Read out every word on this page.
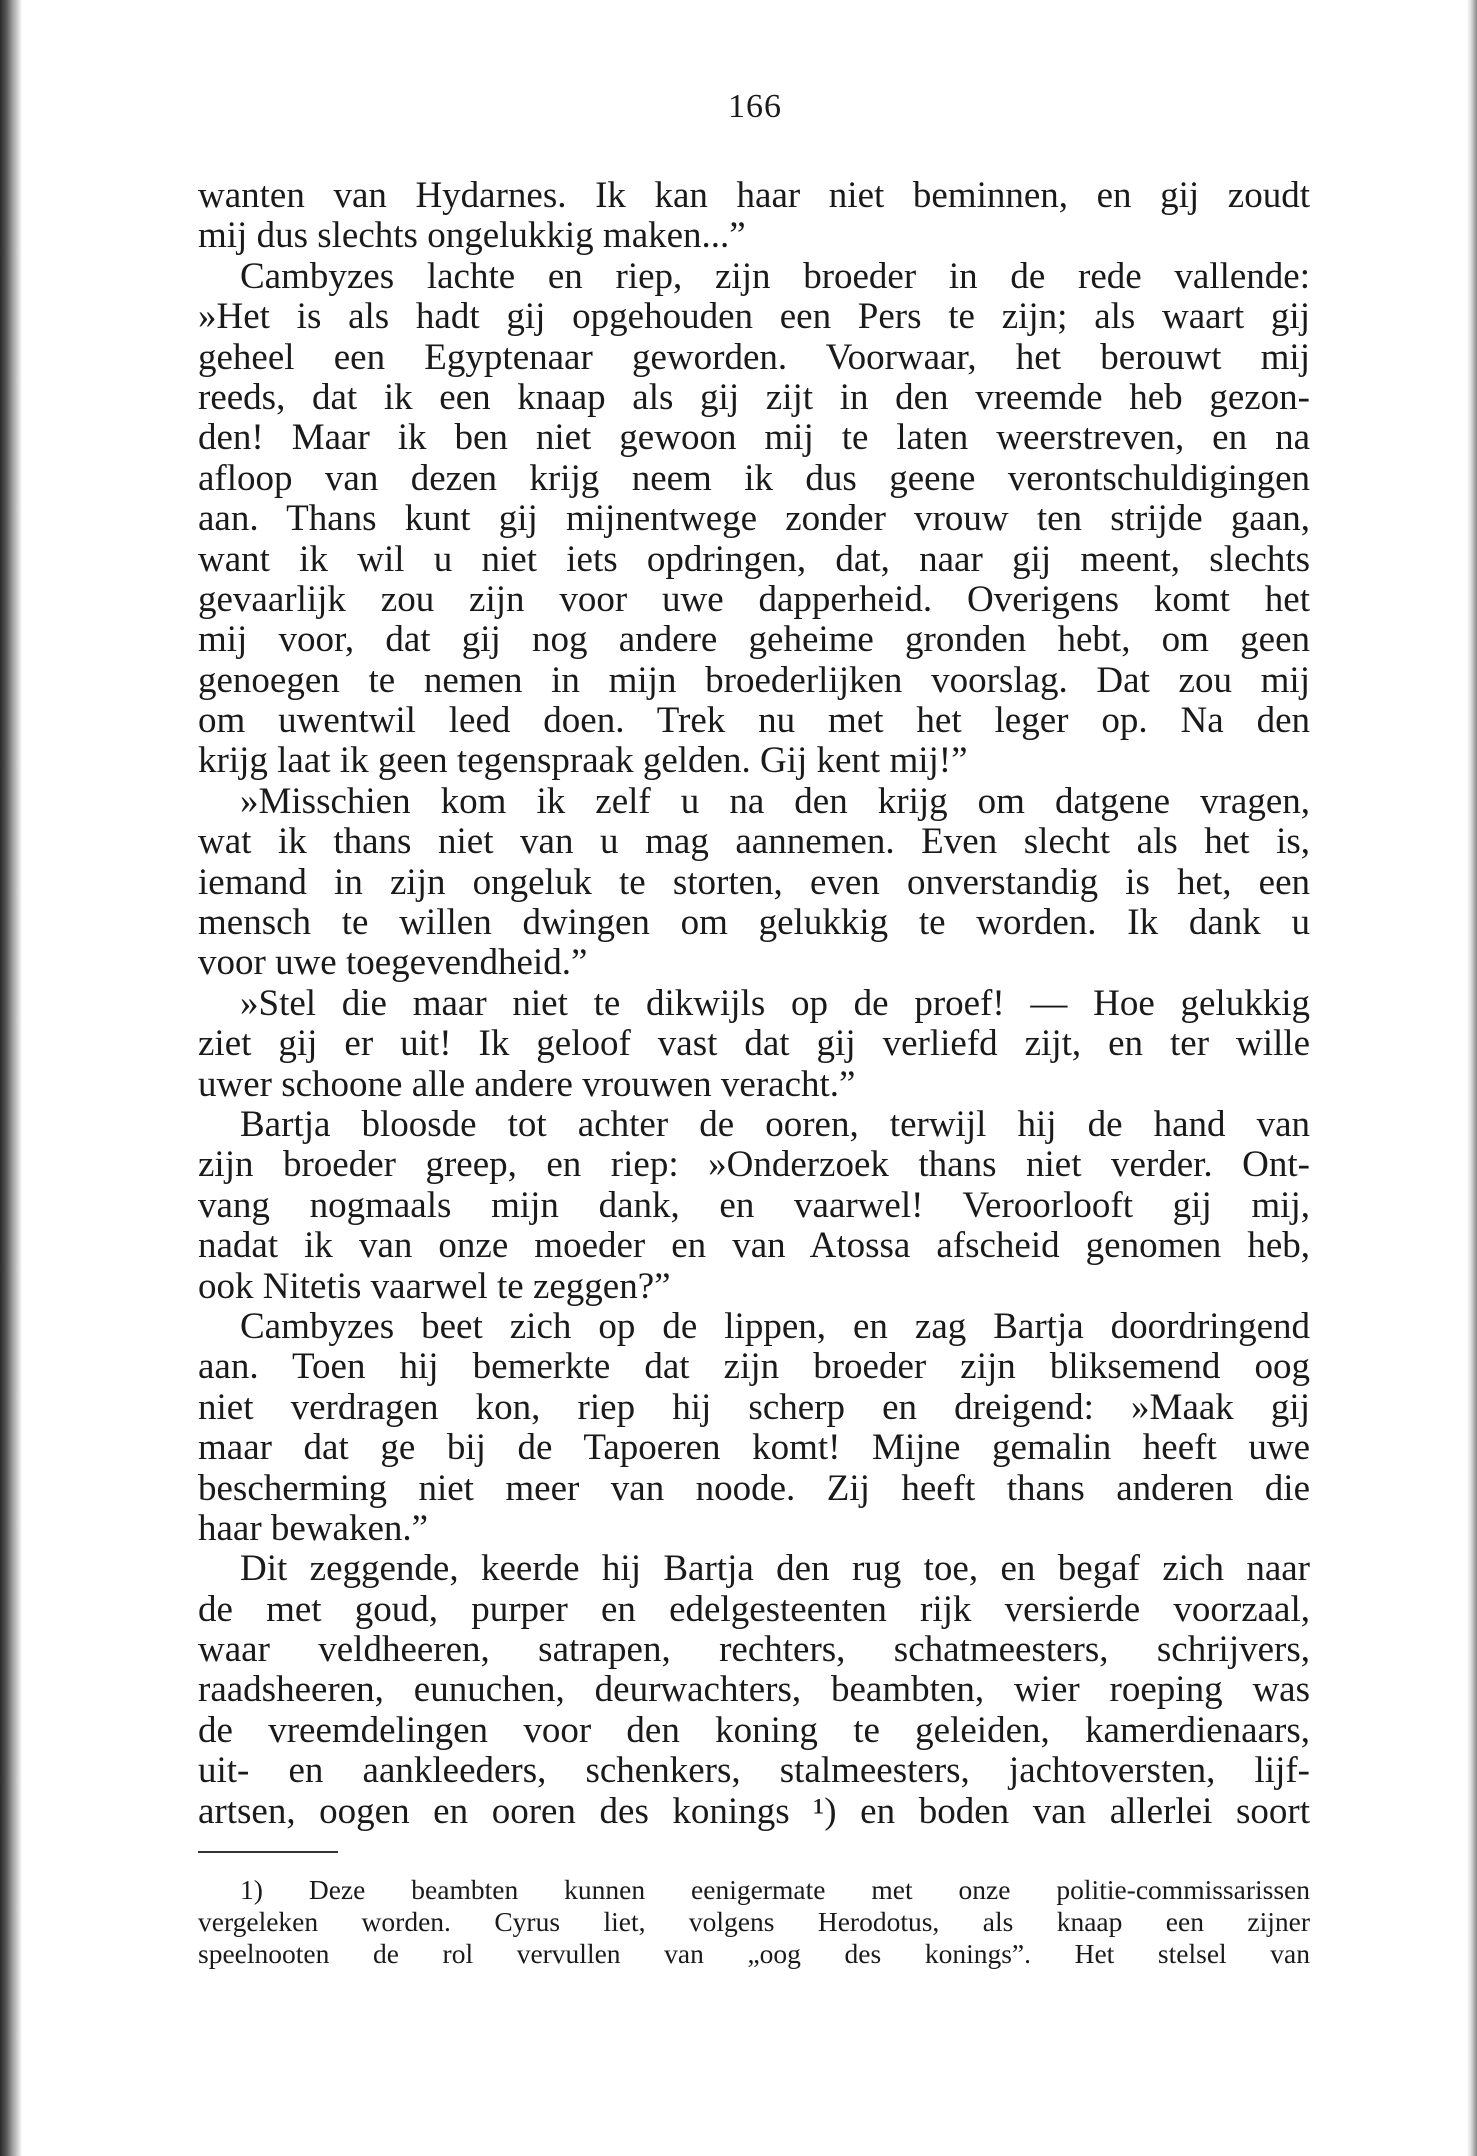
166
wanten van Hydarnes. Ik kan haar niet beminnen, en gij zoudt
mij dus slechts ongelukkig maken...”
Cambyzes lachte en riep, zijn broeder in de rede vallende:
»Het is als hadt gij opgehouden een Pers te zijn; als waart gij
geheel een Egyptenaar geworden. Voorwaar, het berouwt mij
reeds, dat ik een knaap als gij zijt in den vreemde heb gezon-
den! Maar ik ben niet gewoon mij te laten weerstreven, en na
afloop van dezen krijg neem ik dus geene verontschuldigingen
aan. Thans kunt gij mijnentwege zonder vrouw ten strijde gaan,
want ik wil u niet iets opdringen, dat, naar gij meent, slechts
gevaarlijk zou zijn voor uwe dapperheid. Overigens komt het
mij voor, dat gij nog andere geheime gronden hebt, om geen
genoegen te nemen in mijn broederlijken voorslag. Dat zou mij
om uwentwil leed doen. Trek nu met het leger op. Na den
krijg laat ik geen tegenspraak gelden. Gij kent mij!”
»Misschien kom ik zelf u na den krijg om datgene vragen,
wat ik thans niet van u mag aannemen. Even slecht als het is,
iemand in zijn ongeluk te storten, even onverstandig is het, een
mensch te willen dwingen om gelukkig te worden. Ik dank u
voor uwe toegevendheid.”
»Stel die maar niet te dikwijls op de proef! — Hoe gelukkig
ziet gij er uit! Ik geloof vast dat gij verliefd zijt, en ter wille
uwer schoone alle andere vrouwen veracht.”
Bartja bloosde tot achter de ooren, terwijl hij de hand van
zijn broeder greep, en riep: »Onderzoek thans niet verder. Ont-
vang nogmaals mijn dank, en vaarwel! Veroorlooft gij mij,
nadat ik van onze moeder en van Atossa afscheid genomen heb,
ook Nitetis vaarwel te zeggen?”
Cambyzes beet zich op de lippen, en zag Bartja doordringend
aan. Toen hij bemerkte dat zijn broeder zijn bliksemend oog
niet verdragen kon, riep hij scherp en dreigend: »Maak gij
maar dat ge bij de Tapoeren komt! Mijne gemalin heeft uwe
bescherming niet meer van noode. Zij heeft thans anderen die
haar bewaken.”
Dit zeggende, keerde hij Bartja den rug toe, en begaf zich naar
de met goud, purper en edelgesteenten rijk versierde voorzaal,
waar veldheeren, satrapen, rechters, schatmeesters, schrijvers,
raadsheeren, eunuchen, deurwachters, beambten, wier roeping was
de vreemdelingen voor den koning te geleiden, kamerdienaars,
uit- en aankleeders, schenkers, stalmeesters, jachtoversten, lijf-
artsen, oogen en ooren des konings ¹) en boden van allerlei soort
1) Deze beambten kunnen eenigermate met onze politie-commissarissen
vergeleken worden. Cyrus liet, volgens Herodotus, als knaap een zijner
speelnooten de rol vervullen van „oog des konings”. Het stelsel van
